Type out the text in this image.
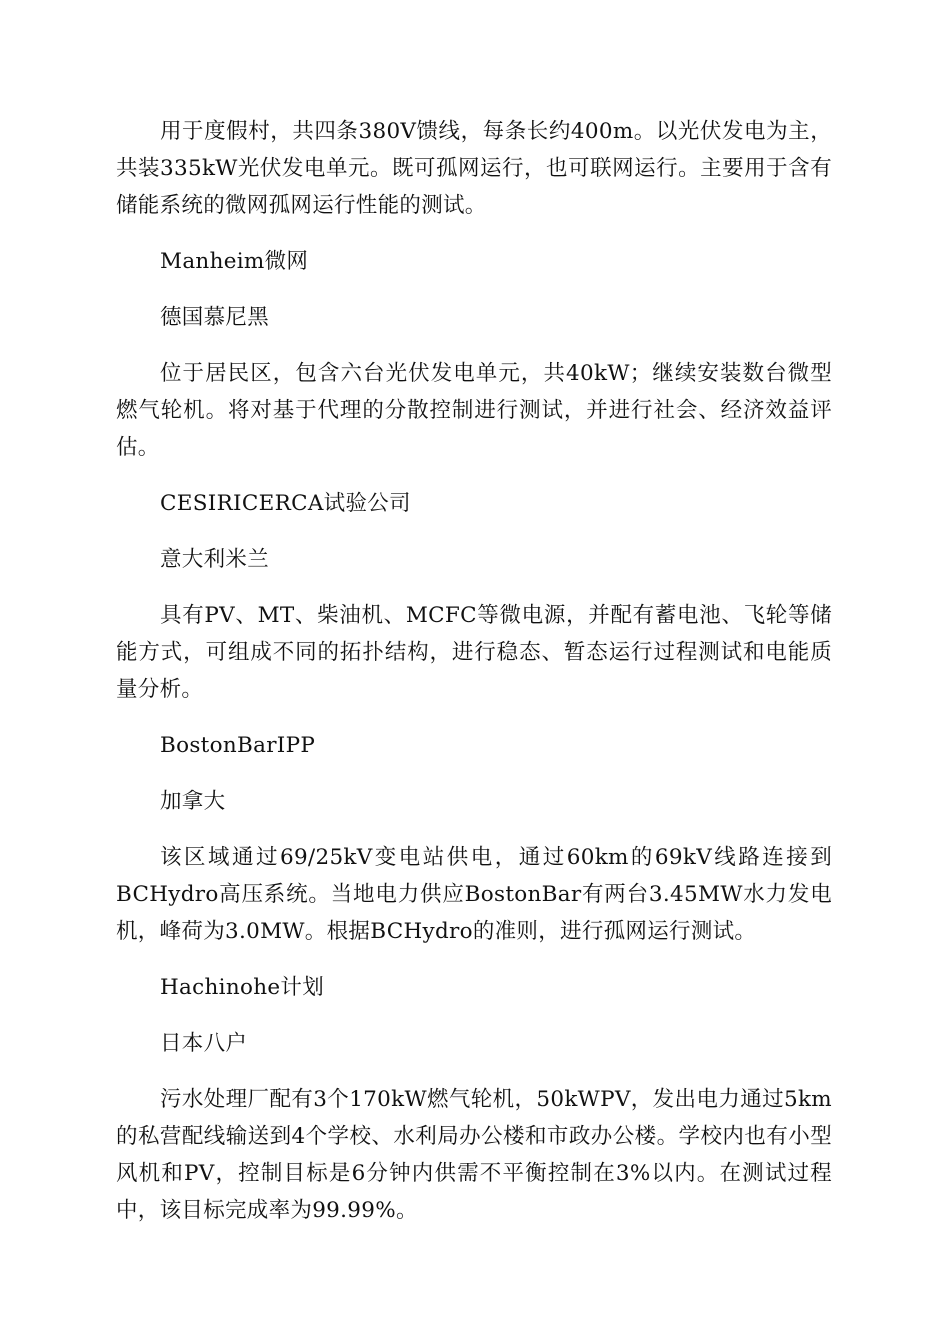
用于度假村，共四条380V馈线，每条长约400m。以光伏发电为主，共装335kW光伏发电单元。既可孤网运行，也可联网运行。主要用于含有储能系统的微网孤网运行性能的测试。

Manheim微网

德国慕尼黑

位于居民区，包含六台光伏发电单元，共40kW；继续安装数台微型燃气轮机。将对基于代理的分散控制进行测试，并进行社会、经济效益评估。

CESIRICERCA试验公司

意大利米兰

具有PV、MT、柴油机、MCFC等微电源，并配有蓄电池、飞轮等储能方式，可组成不同的拓扑结构，进行稳态、暂态运行过程测试和电能质量分析。

BostonBarIPP

加拿大

该区域通过69/25kV变电站供电，通过60km的69kV线路连接到BCHydro高压系统。当地电力供应BostonBar有两台3.45MW水力发电机，峰荷为3.0MW。根据BCHydro的准则，进行孤网运行测试。

Hachinohe计划

日本八户

污水处理厂配有3个170kW燃气轮机，50kWPV，发出电力通过5km的私营配线输送到4个学校、水利局办公楼和市政办公楼。学校内也有小型风机和PV，控制目标是6分钟内供需不平衡控制在3%以内。在测试过程中，该目标完成率为99.99%。
